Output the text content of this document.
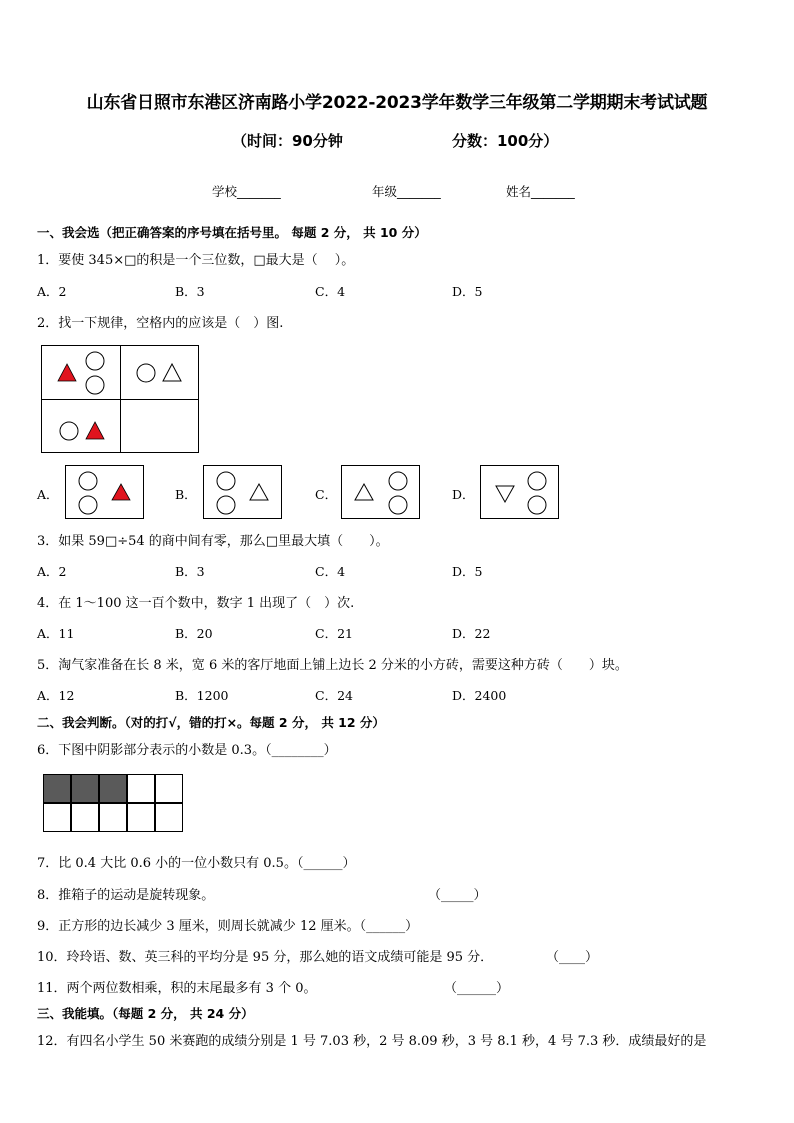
山东省日照市东港区济南路小学2022-2023学年数学三年级第二学期期末考试试题
（时间：90分钟	分数：100分）
学校_______	年级_______	姓名_______
一、我会选（把正确答案的序号填在括号里。 每题 2 分， 共 10 分）
1．要使 345×□的积是一个三位数，□最大是（　 ）。
A．2	B．3	C．4	D．5
2．找一下规律，空格内的应该是（　）图.
A．	B．	C．	D．
3．如果 59□÷54 的商中间有零，那么□里最大填（　　）。
A．2	B．3	C．4	D．5
4．在 1～100 这一百个数中，数字 1 出现了（　）次.
A．11	B．20	C．21	D．22
5．淘气家准备在长 8 米，宽 6 米的客厅地面上铺上边长 2 分米的小方砖，需要这种方砖（　　）块。
A．12	B．1200	C．24	D．2400
二、我会判断。（对的打√，错的打×。每题 2 分， 共 12 分）
6．下图中阴影部分表示的小数是 0.3。（________）
7．比 0.4 大比 0.6 小的一位小数只有 0.5。（______）
8．推箱子的运动是旋转现象。	（_____）
9．正方形的边长减少 3 厘米，则周长就减少 12 厘米。（______）
10．玲玲语、数、英三科的平均分是 95 分，那么她的语文成绩可能是 95 分．	（____）
11．两个两位数相乘，积的末尾最多有 3 个 0。	（______）
三、我能填。（每题 2 分， 共 24 分）
12．有四名小学生 50 米赛跑的成绩分别是 1 号 7.03 秒，2 号 8.09 秒，3 号 8.1 秒，4 号 7.3 秒．成绩最好的是
